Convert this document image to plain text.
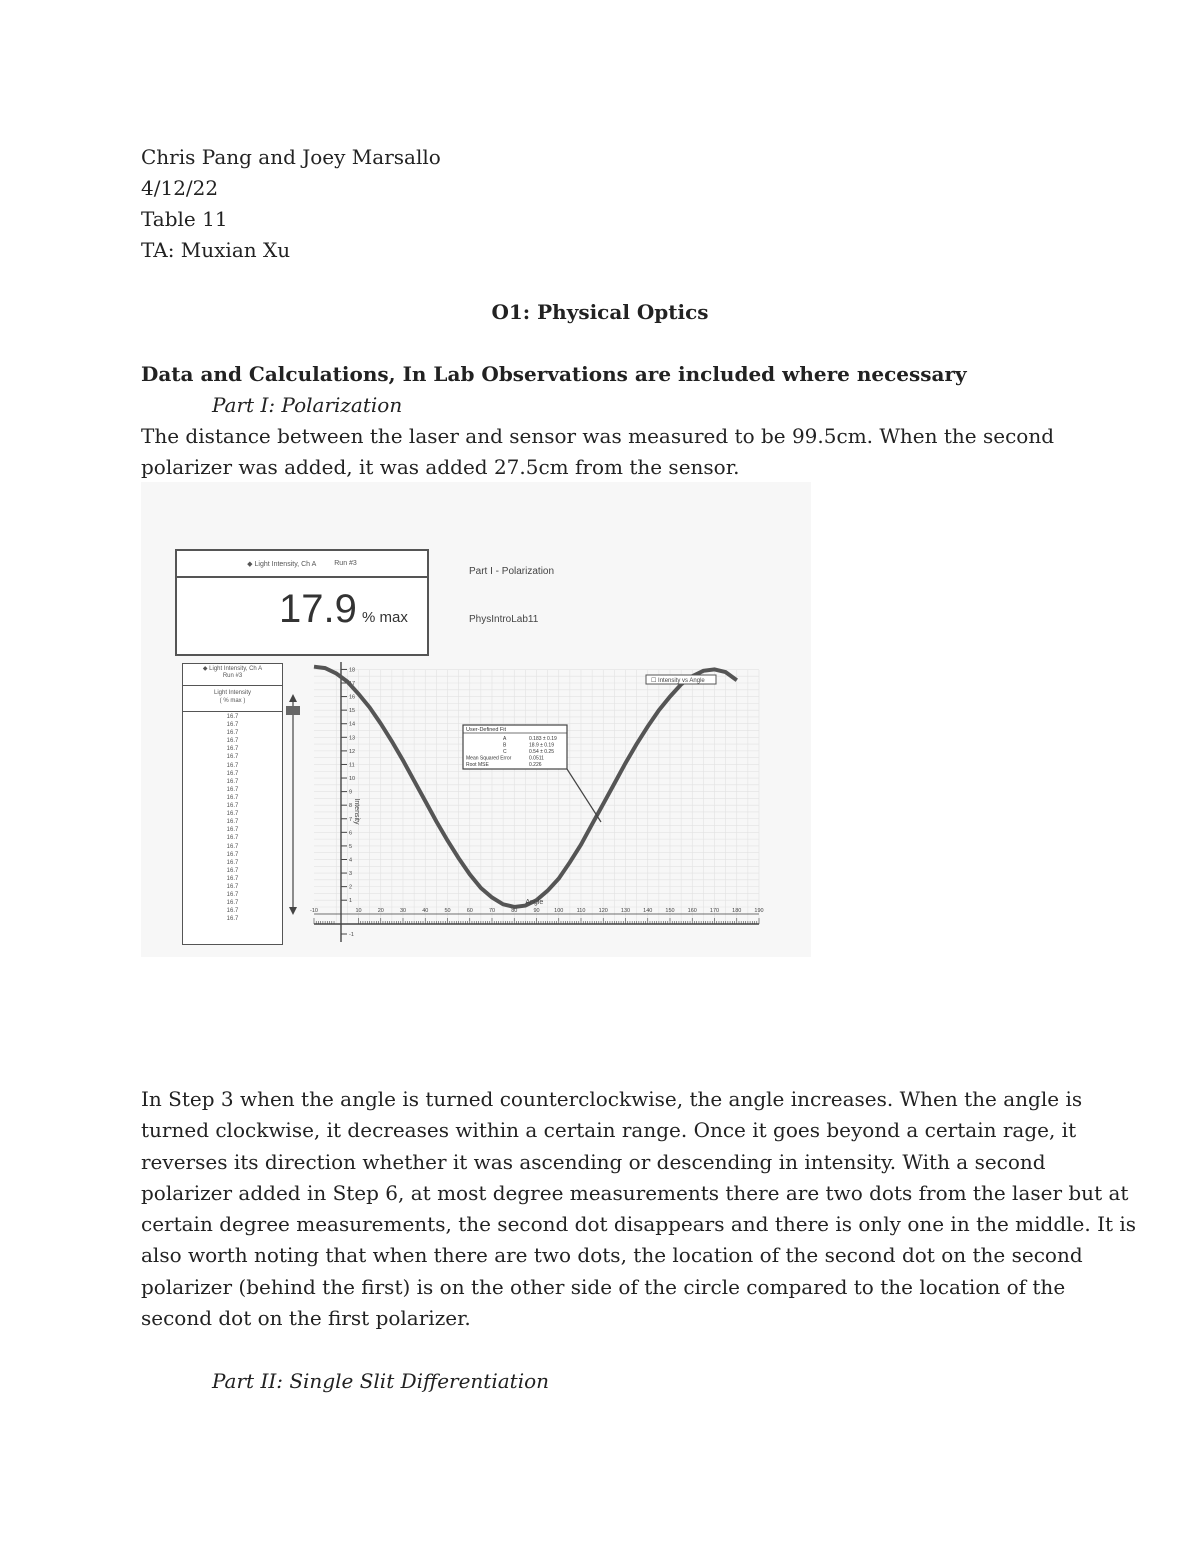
Chris Pang and Joey Marsallo
4/12/22
Table 11
TA: Muxian Xu
O1: Physical Optics
Data and Calculations, In Lab Observations are included where necessary
Part I: Polarization
The distance between the laser and sensor was measured to be 99.5cm. When the second
polarizer was added, it was added 27.5cm from the sensor.
◆ Light Intensity, Ch A	Run #3
17.9 % max
Part I - Polarization
PhysIntroLab11
◆ Light Intensity, Ch A
Run #3
Light Intensity
( % max )
16.7
16.7
16.7
16.7
16.7
16.7
16.7
16.7
16.7
16.7
16.7
16.7
16.7
16.7
16.7
16.7
16.7
16.7
16.7
16.7
16.7
16.7
16.7
16.7
16.7
16.7
-10	10	20	30	40	50	60	70	80	90	100 110 120 130 140 150 160 170 180 190
-1
1
2
3
4
5
6
7
8
9
10
11
12
13
14
15
16
17
18
Intensity
Angle
☐ Intensity vs Angle
User-Defined Fit
A	0.183 ± 0.19
B	18.9 ± 0.19
C	0.54 ± 0.25
Mean Squared Error	0.0511
Root MSE	0.226
In Step 3 when the angle is turned counterclockwise, the angle increases. When the angle is
turned clockwise, it decreases within a certain range. Once it goes beyond a certain rage, it
reverses its direction whether it was ascending or descending in intensity. With a second
polarizer added in Step 6, at most degree measurements there are two dots from the laser but at
certain degree measurements, the second dot disappears and there is only one in the middle. It is
also worth noting that when there are two dots, the location of the second dot on the second
polarizer (behind the first) is on the other side of the circle compared to the location of the
second dot on the first polarizer.
Part II: Single Slit Differentiation
